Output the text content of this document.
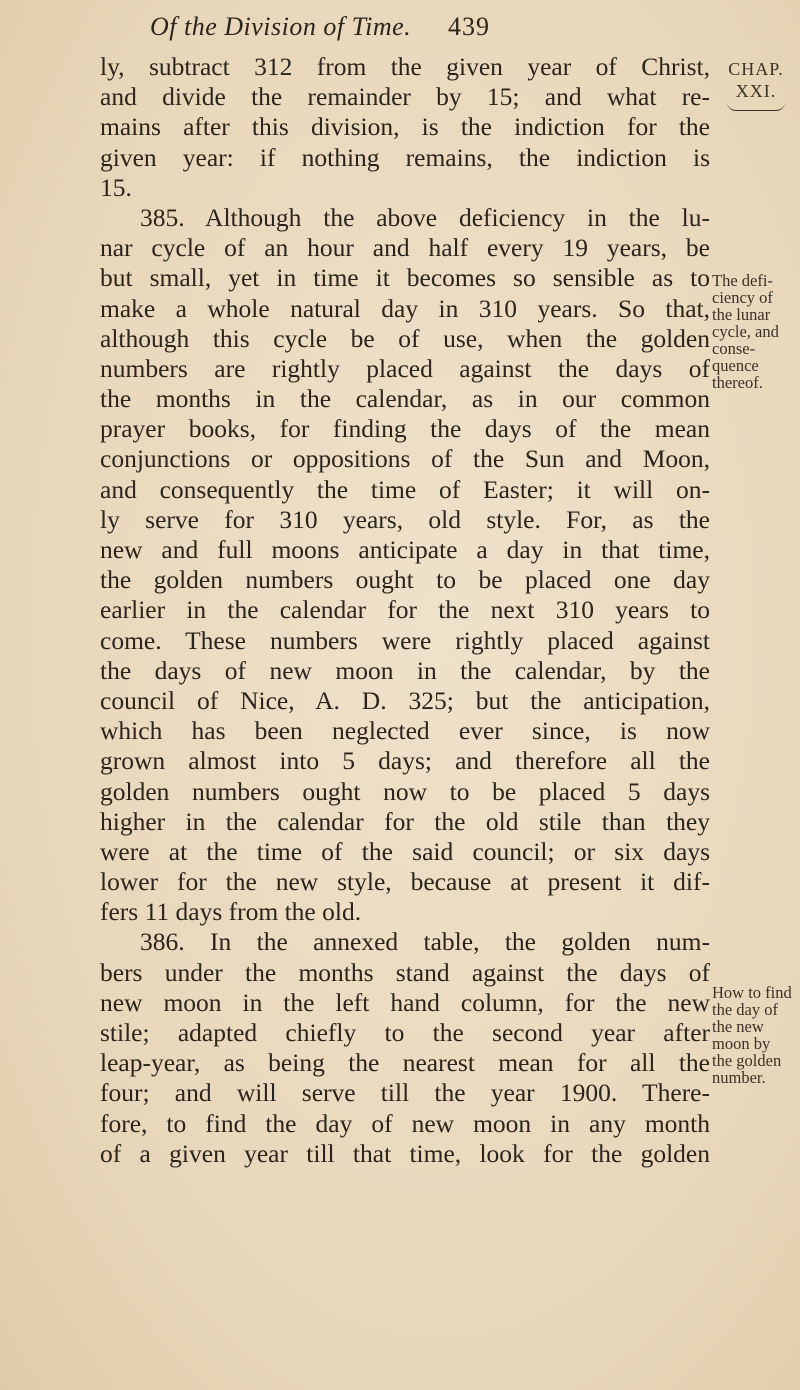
Of the Division of Time. 439
CHAP.
XXI.
The defi-
ciency of
the lunar
cycle, and
conse-
quence
thereof.
How to find
the day of
the new
moon by
the golden
number.
ly, subtract 312 from the given year of Christ,
and divide the remainder by 15; and what re-
mains after this division, is the indiction for the
given year: if nothing remains, the indiction is
15.
385. Although the above deficiency in the lu-
nar cycle of an hour and half every 19 years, be
but small, yet in time it becomes so sensible as to
make a whole natural day in 310 years. So that,
although this cycle be of use, when the golden
numbers are rightly placed against the days of
the months in the calendar, as in our common
prayer books, for finding the days of the mean
conjunctions or oppositions of the Sun and Moon,
and consequently the time of Easter; it will on-
ly serve for 310 years, old style. For, as the
new and full moons anticipate a day in that time,
the golden numbers ought to be placed one day
earlier in the calendar for the next 310 years to
come. These numbers were rightly placed against
the days of new moon in the calendar, by the
council of Nice, A. D. 325; but the anticipation,
which has been neglected ever since, is now
grown almost into 5 days; and therefore all the
golden numbers ought now to be placed 5 days
higher in the calendar for the old stile than they
were at the time of the said council; or six days
lower for the new style, because at present it dif-
fers 11 days from the old.
386. In the annexed table, the golden num-
bers under the months stand against the days of
new moon in the left hand column, for the new
stile; adapted chiefly to the second year after
leap-year, as being the nearest mean for all the
four; and will serve till the year 1900. There-
fore, to find the day of new moon in any month
of a given year till that time, look for the golden
